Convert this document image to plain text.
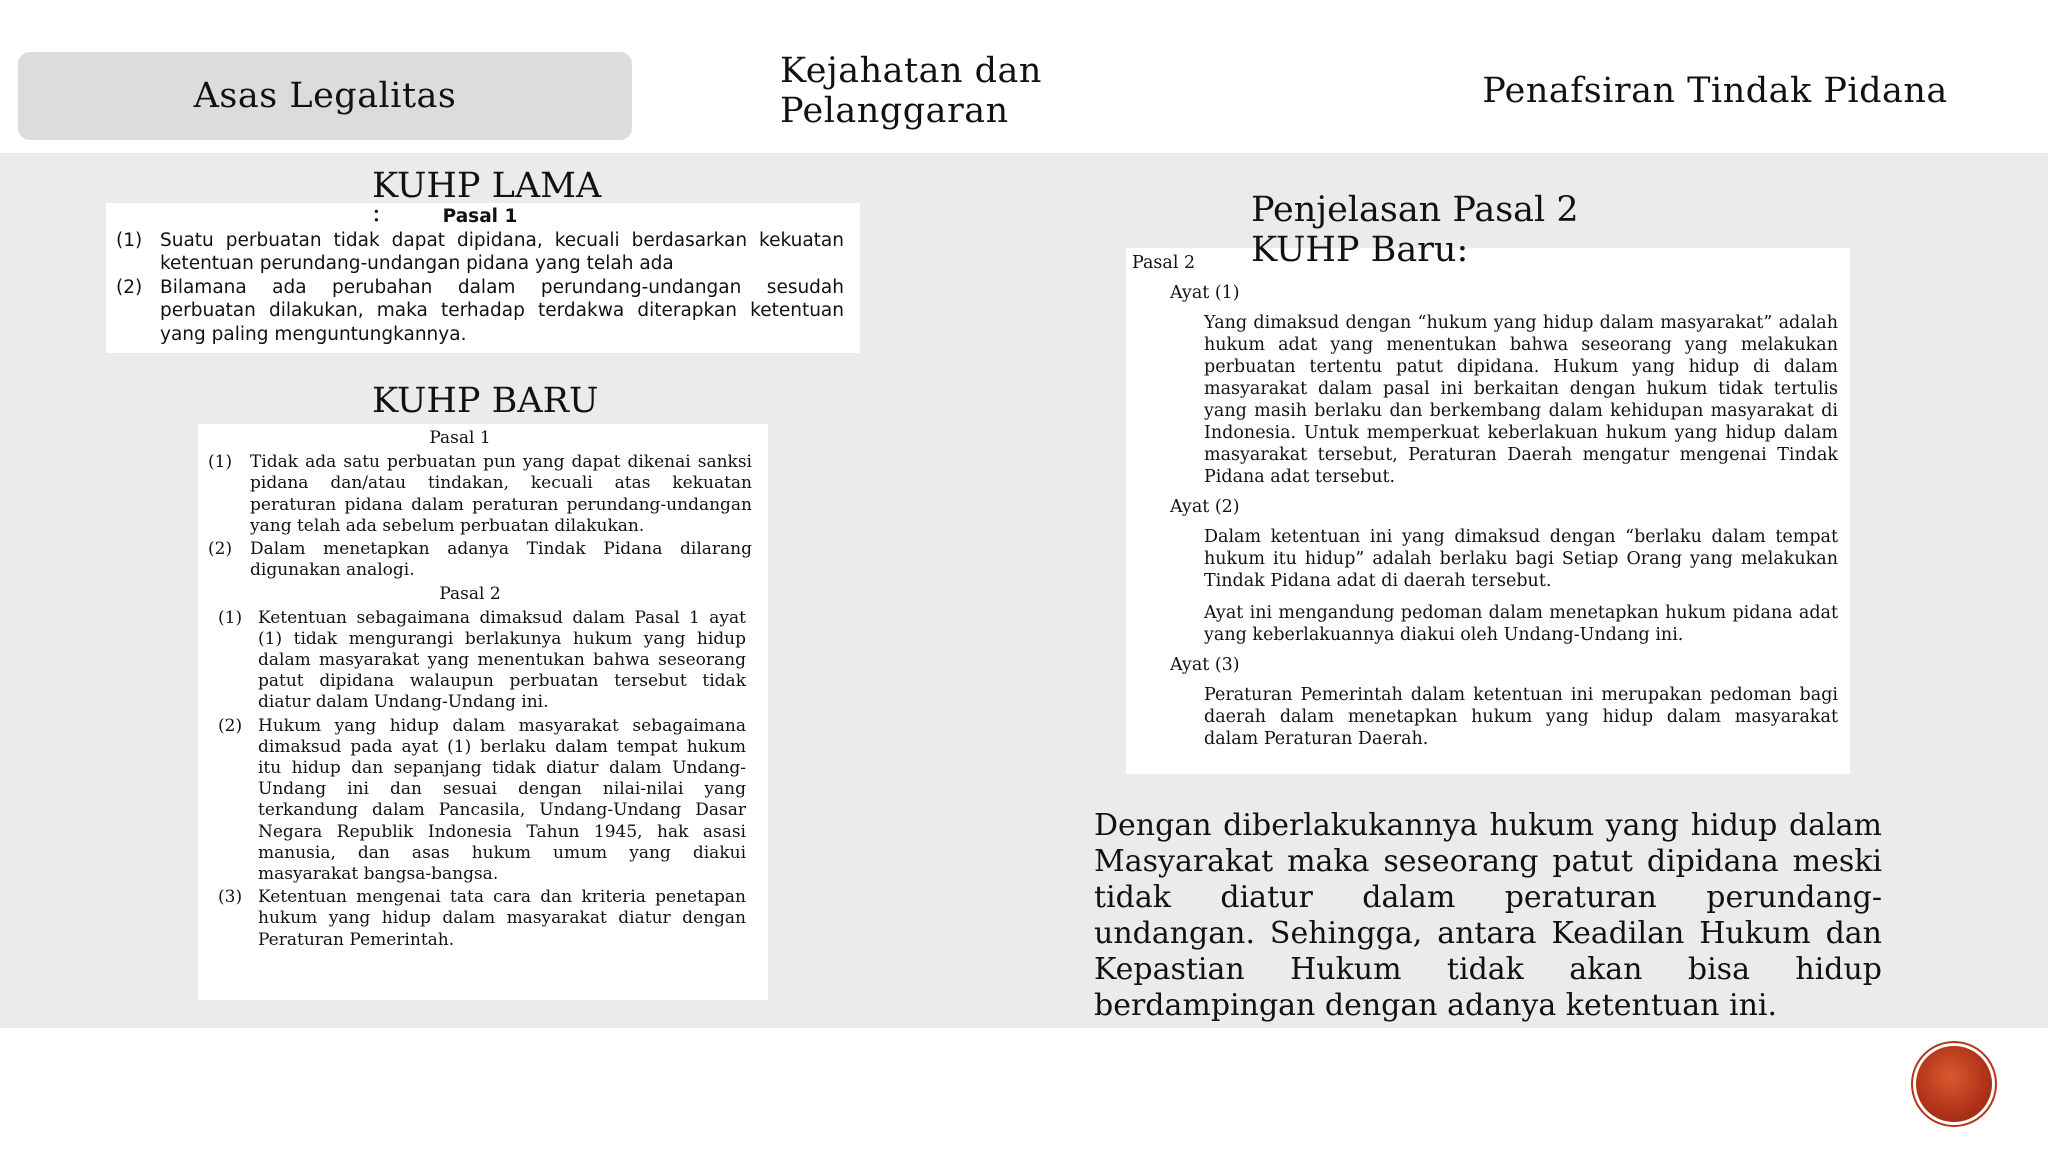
Asas Legalitas
Kejahatan dan Pelanggaran	Penafsiran Tindak Pidana
Pasal 1
(1) Suatu perbuatan tidak dapat dipidana, kecuali berdasarkan kekuatan ketentuan perundang-undangan pidana yang telah ada
(2) Bilamana ada perubahan dalam perundang-undangan sesudah perbuatan dilakukan, maka terhadap terdakwa diterapkan ketentuan yang paling menguntungkannya.
KUHP LAMA
:
KUHP BARU
Pasal 1
(1)	Tidak ada satu perbuatan pun yang dapat dikenai sanksi pidana dan/atau tindakan, kecuali atas kekuatan peraturan pidana dalam peraturan perundang-undangan yang telah ada sebelum perbuatan dilakukan.
(2)	Dalam menetapkan adanya Tindak Pidana dilarang digunakan analogi.
Pasal 2
(1) Ketentuan sebagaimana dimaksud dalam Pasal 1 ayat (1) tidak mengurangi berlakunya hukum yang hidup dalam masyarakat yang menentukan bahwa seseorang patut dipidana walaupun perbuatan tersebut tidak diatur dalam Undang-Undang ini.
(2) Hukum yang hidup dalam masyarakat sebagaimana dimaksud pada ayat (1) berlaku dalam tempat hukum itu hidup dan sepanjang tidak diatur dalam Undang-Undang ini dan sesuai dengan nilai-nilai yang terkandung dalam Pancasila, Undang-Undang Dasar Negara Republik Indonesia Tahun 1945, hak asasi manusia, dan asas hukum umum yang diakui masyarakat bangsa-bangsa.
(3) Ketentuan mengenai tata cara dan kriteria penetapan hukum yang hidup dalam masyarakat diatur dengan Peraturan Pemerintah.
Pasal 2
Ayat (1)
Yang dimaksud dengan “hukum yang hidup dalam masyarakat” adalah hukum adat yang menentukan bahwa seseorang yang melakukan perbuatan tertentu patut dipidana. Hukum yang hidup di dalam masyarakat dalam pasal ini berkaitan dengan hukum tidak tertulis yang masih berlaku dan berkembang dalam kehidupan masyarakat di Indonesia. Untuk memperkuat keberlakuan hukum yang hidup dalam masyarakat tersebut, Peraturan Daerah mengatur mengenai Tindak Pidana adat tersebut.
Ayat (2)
Dalam ketentuan ini yang dimaksud dengan “berlaku dalam tempat hukum itu hidup” adalah berlaku bagi Setiap Orang yang melakukan Tindak Pidana adat di daerah tersebut.
Ayat ini mengandung pedoman dalam menetapkan hukum pidana adat yang keberlakuannya diakui oleh Undang-Undang ini.
Ayat (3)
Peraturan Pemerintah dalam ketentuan ini merupakan pedoman bagi daerah dalam menetapkan hukum yang hidup dalam masyarakat dalam Peraturan Daerah.
Penjelasan Pasal 2 KUHP Baru:
Dengan diberlakukannya hukum yang hidup dalam Masyarakat maka seseorang patut dipidana meski tidak diatur dalam peraturan perundang-undangan. Sehingga, antara Keadilan Hukum dan Kepastian Hukum tidak akan bisa hidup berdampingan dengan adanya ketentuan ini.
